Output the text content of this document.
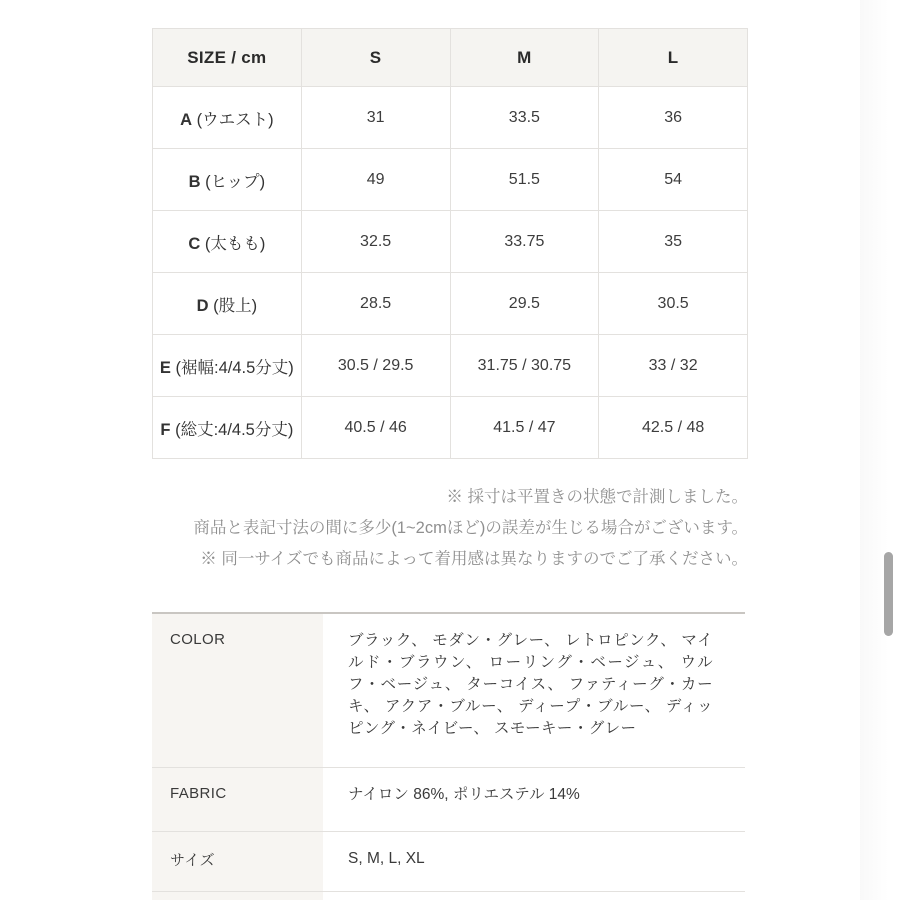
SIZE / cm	S	M	L
A (ウエスト)	31	33.5	36
B (ヒップ)	49	51.5	54
C (太もも)	32.5	33.75	35
D (股上)	28.5	29.5	30.5
E (裾幅:4/4.5分丈)	30.5 / 29.5	31.75 / 30.75	33 / 32
F (総丈:4/4.5分丈)	40.5 / 46	41.5 / 47	42.5 / 48
※ 採寸は平置きの状態で計測しました。
商品と表記寸法の間に多少(1~2cmほど)の誤差が生じる場合がございます。
※ 同一サイズでも商品によって着用感は異なりますのでご了承ください。
COLOR	ブラック、 モダン・グレー、 レトロピンク、 マイルド・ブラウン、 ローリング・ベージュ、 ウルフ・ベージュ、 ターコイス、 ファティーグ・カーキ、 アクア・ブルー、 ディープ・ブルー、 ディッピング・ネイビー、 スモーキー・グレー
FABRIC	ナイロン 86%, ポリエステル 14%
サイズ	S, M, L, XL
